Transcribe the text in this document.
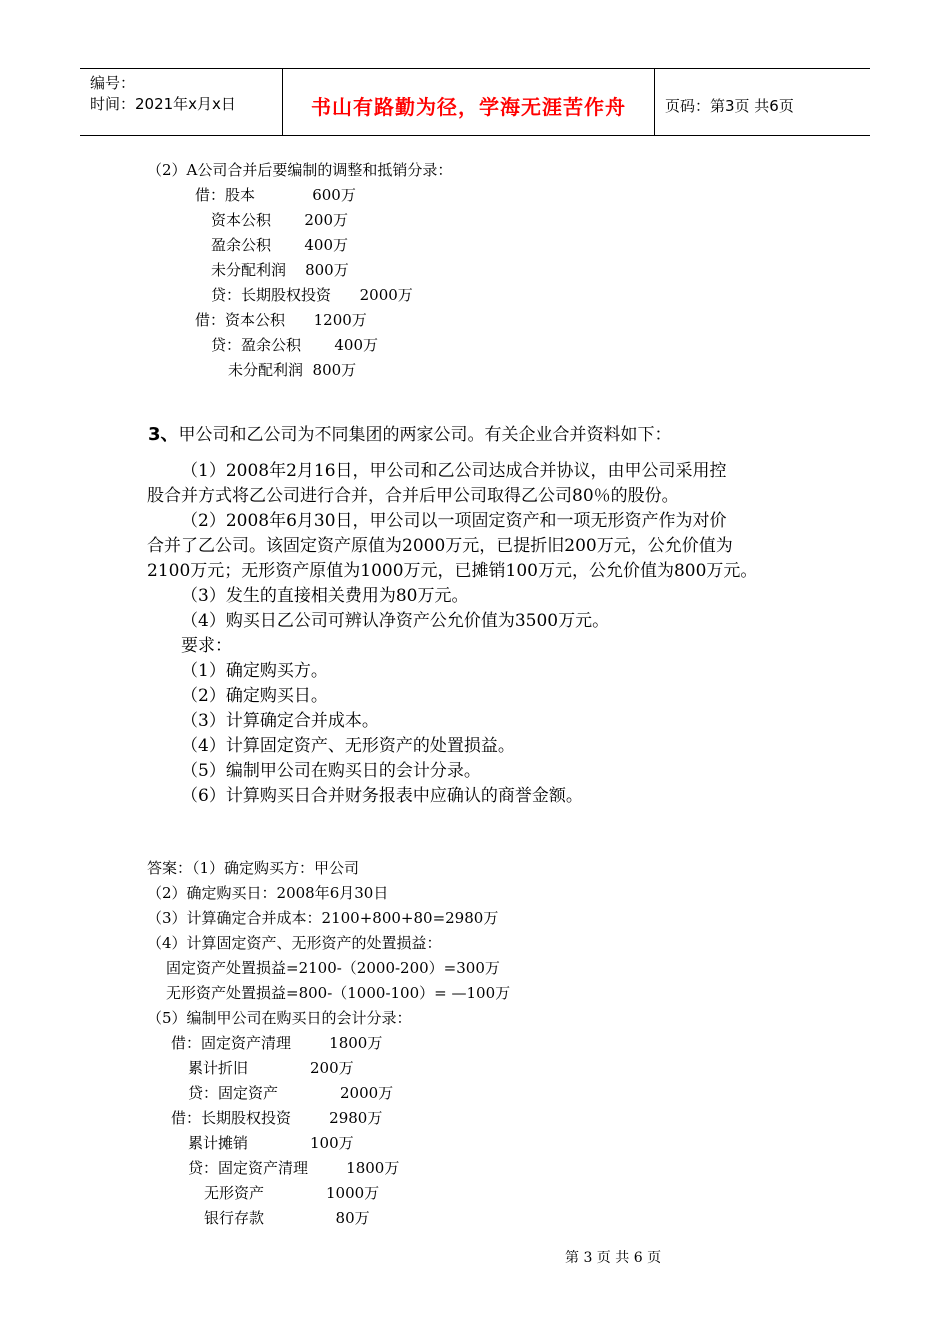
编号：
时间：2021年x月x日	书山有路勤为径，学海无涯苦作舟	页码：第3页 共6页
（2）A公司合并后要编制的调整和抵销分录：
借：股本            600万
资本公积       200万
盈余公积       400万
未分配利润    800万
贷：长期股权投资      2000万
借：资本公积      1200万
贷：盈余公积       400万
未分配利润  800万
3、甲公司和乙公司为不同集团的两家公司。有关企业合并资料如下：
（1）2008年2月16日，甲公司和乙公司达成合并协议，由甲公司采用控
股合并方式将乙公司进行合并，合并后甲公司取得乙公司80％的股份。
（2）2008年6月30日，甲公司以一项固定资产和一项无形资产作为对价
合并了乙公司。该固定资产原值为2000万元，已提折旧200万元，公允价值为
2100万元；无形资产原值为1000万元，已摊销100万元，公允价值为800万元。
（3）发生的直接相关费用为80万元。
（4）购买日乙公司可辨认净资产公允价值为3500万元。
要求：
（1）确定购买方。
（2）确定购买日。
（3）计算确定合并成本。
（4）计算固定资产、无形资产的处置损益。
（5）编制甲公司在购买日的会计分录。
（6）计算购买日合并财务报表中应确认的商誉金额。
答案：（1）确定购买方：甲公司
（2）确定购买日：2008年6月30日
（3）计算确定合并成本：2100+800+80=2980万
（4）计算固定资产、无形资产的处置损益：
固定资产处置损益=2100-（2000-200）=300万
无形资产处置损益=800-（1000-100）= —100万
（5）编制甲公司在购买日的会计分录：
借：固定资产清理        1800万
累计折旧             200万
贷：固定资产             2000万
借：长期股权投资        2980万
累计摊销             100万
贷：固定资产清理        1800万
无形资产             1000万
银行存款               80万
第 3 页 共 6 页
